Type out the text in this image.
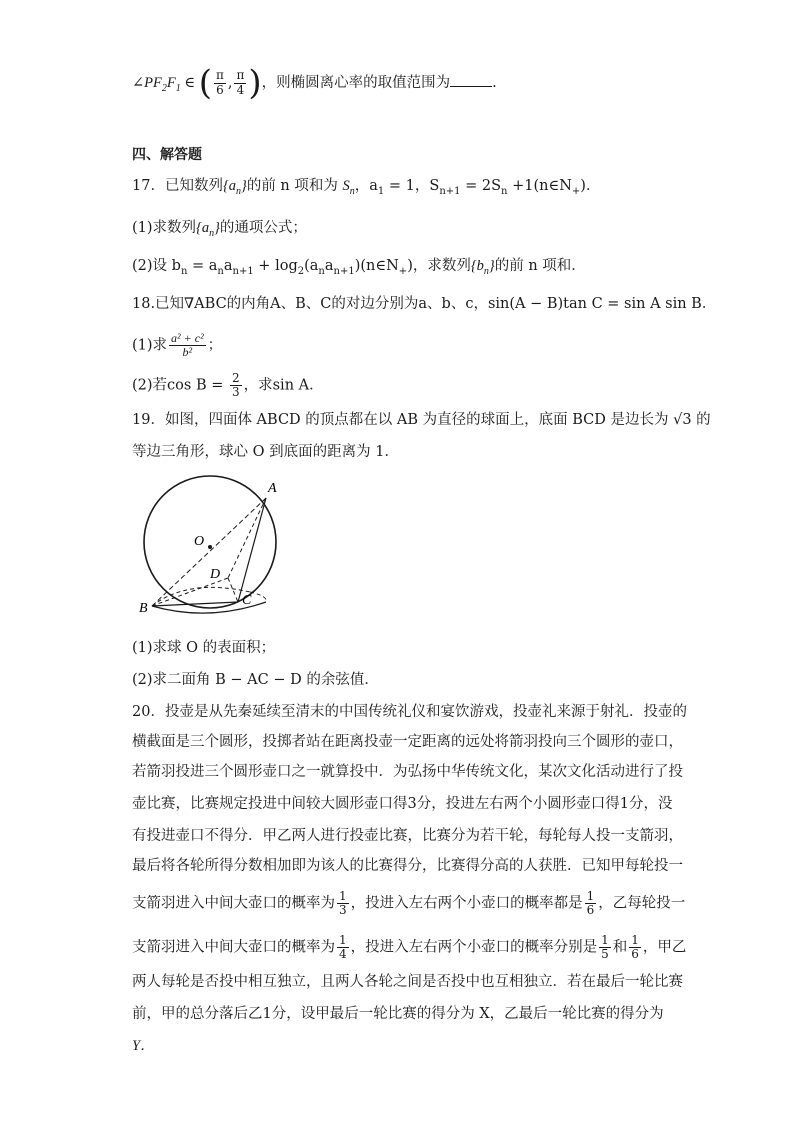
$\angle PF_2F_1$ ∈ ( $\frac{\pi}{6}$ , $\frac{\pi}{4}$ )，则椭圆离心率的取值范围为	.
四、解答题
17．已知数列$\{a_n\}$的前 n 项和为 $S_n$，$a_1 = 1$，$S_{n+1} = 2S_n$ $+1(n\in N_+)$．
(1)求数列$\{a_n\}$的通项公式；
(2)设 $b_n = a_na_{n+1}$ + $\log_2(a_na_{n+1})(n\in N_+)$，求数列$\{b_n\}$的前 n 项和．
18.已知∇ABC的内角A、B、C的对边分别为a、b、c，sin(A − B)tan C = sin A sin B．
(1)求 $\frac{\text{a² + c²}}{\text{b²}}$ ；
(2)若$\cos B = \frac{2}{3}$ ，求sin A．
19．如图，四面体 ABCD 的顶点都在以 AB 为直径的球面上，底面 BCD 是边长为 √3 的
等边三角形，球心 O 到底面的距离为 1．
A
O
D
B
C
(1)求球 O 的表面积；
(2)求二面角 B − AC − D 的余弦值．
20．投壶是从先秦延续至清末的中国传统礼仪和宴饮游戏，投壶礼来源于射礼．投壶的
横截面是三个圆形，投掷者站在距离投壶一定距离的远处将箭羽投向三个圆形的壶口，
若箭羽投进三个圆形壶口之一就算投中．为弘扬中华传统文化，某次文化活动进行了投
壶比赛，比赛规定投进中间较大圆形壶口得3分，投进左右两个小圆形壶口得1分，没
有投进壶口不得分．甲乙两人进行投壶比赛，比赛分为若干轮，每轮每人投一支箭羽，
最后将各轮所得分数相加即为该人的比赛得分，比赛得分高的人获胜．已知甲每轮投一
支箭羽进入中间大壶口的概率为 $\frac{1}{3}$ ，投进入左右两个小壶口的概率都是 $\frac{1}{6}$ ，乙每轮投一
支箭羽进入中间大壶口的概率为 $\frac{1}{4}$ ，投进入左右两个小壶口的概率分别是 $\frac{1}{5}$ 和 $\frac{1}{6}$ ，甲乙
两人每轮是否投中相互独立，且两人各轮之间是否投中也互相独立．若在最后一轮比赛
前，甲的总分落后乙1分，设甲最后一轮比赛的得分为 X，乙最后一轮比赛的得分为
Y．
